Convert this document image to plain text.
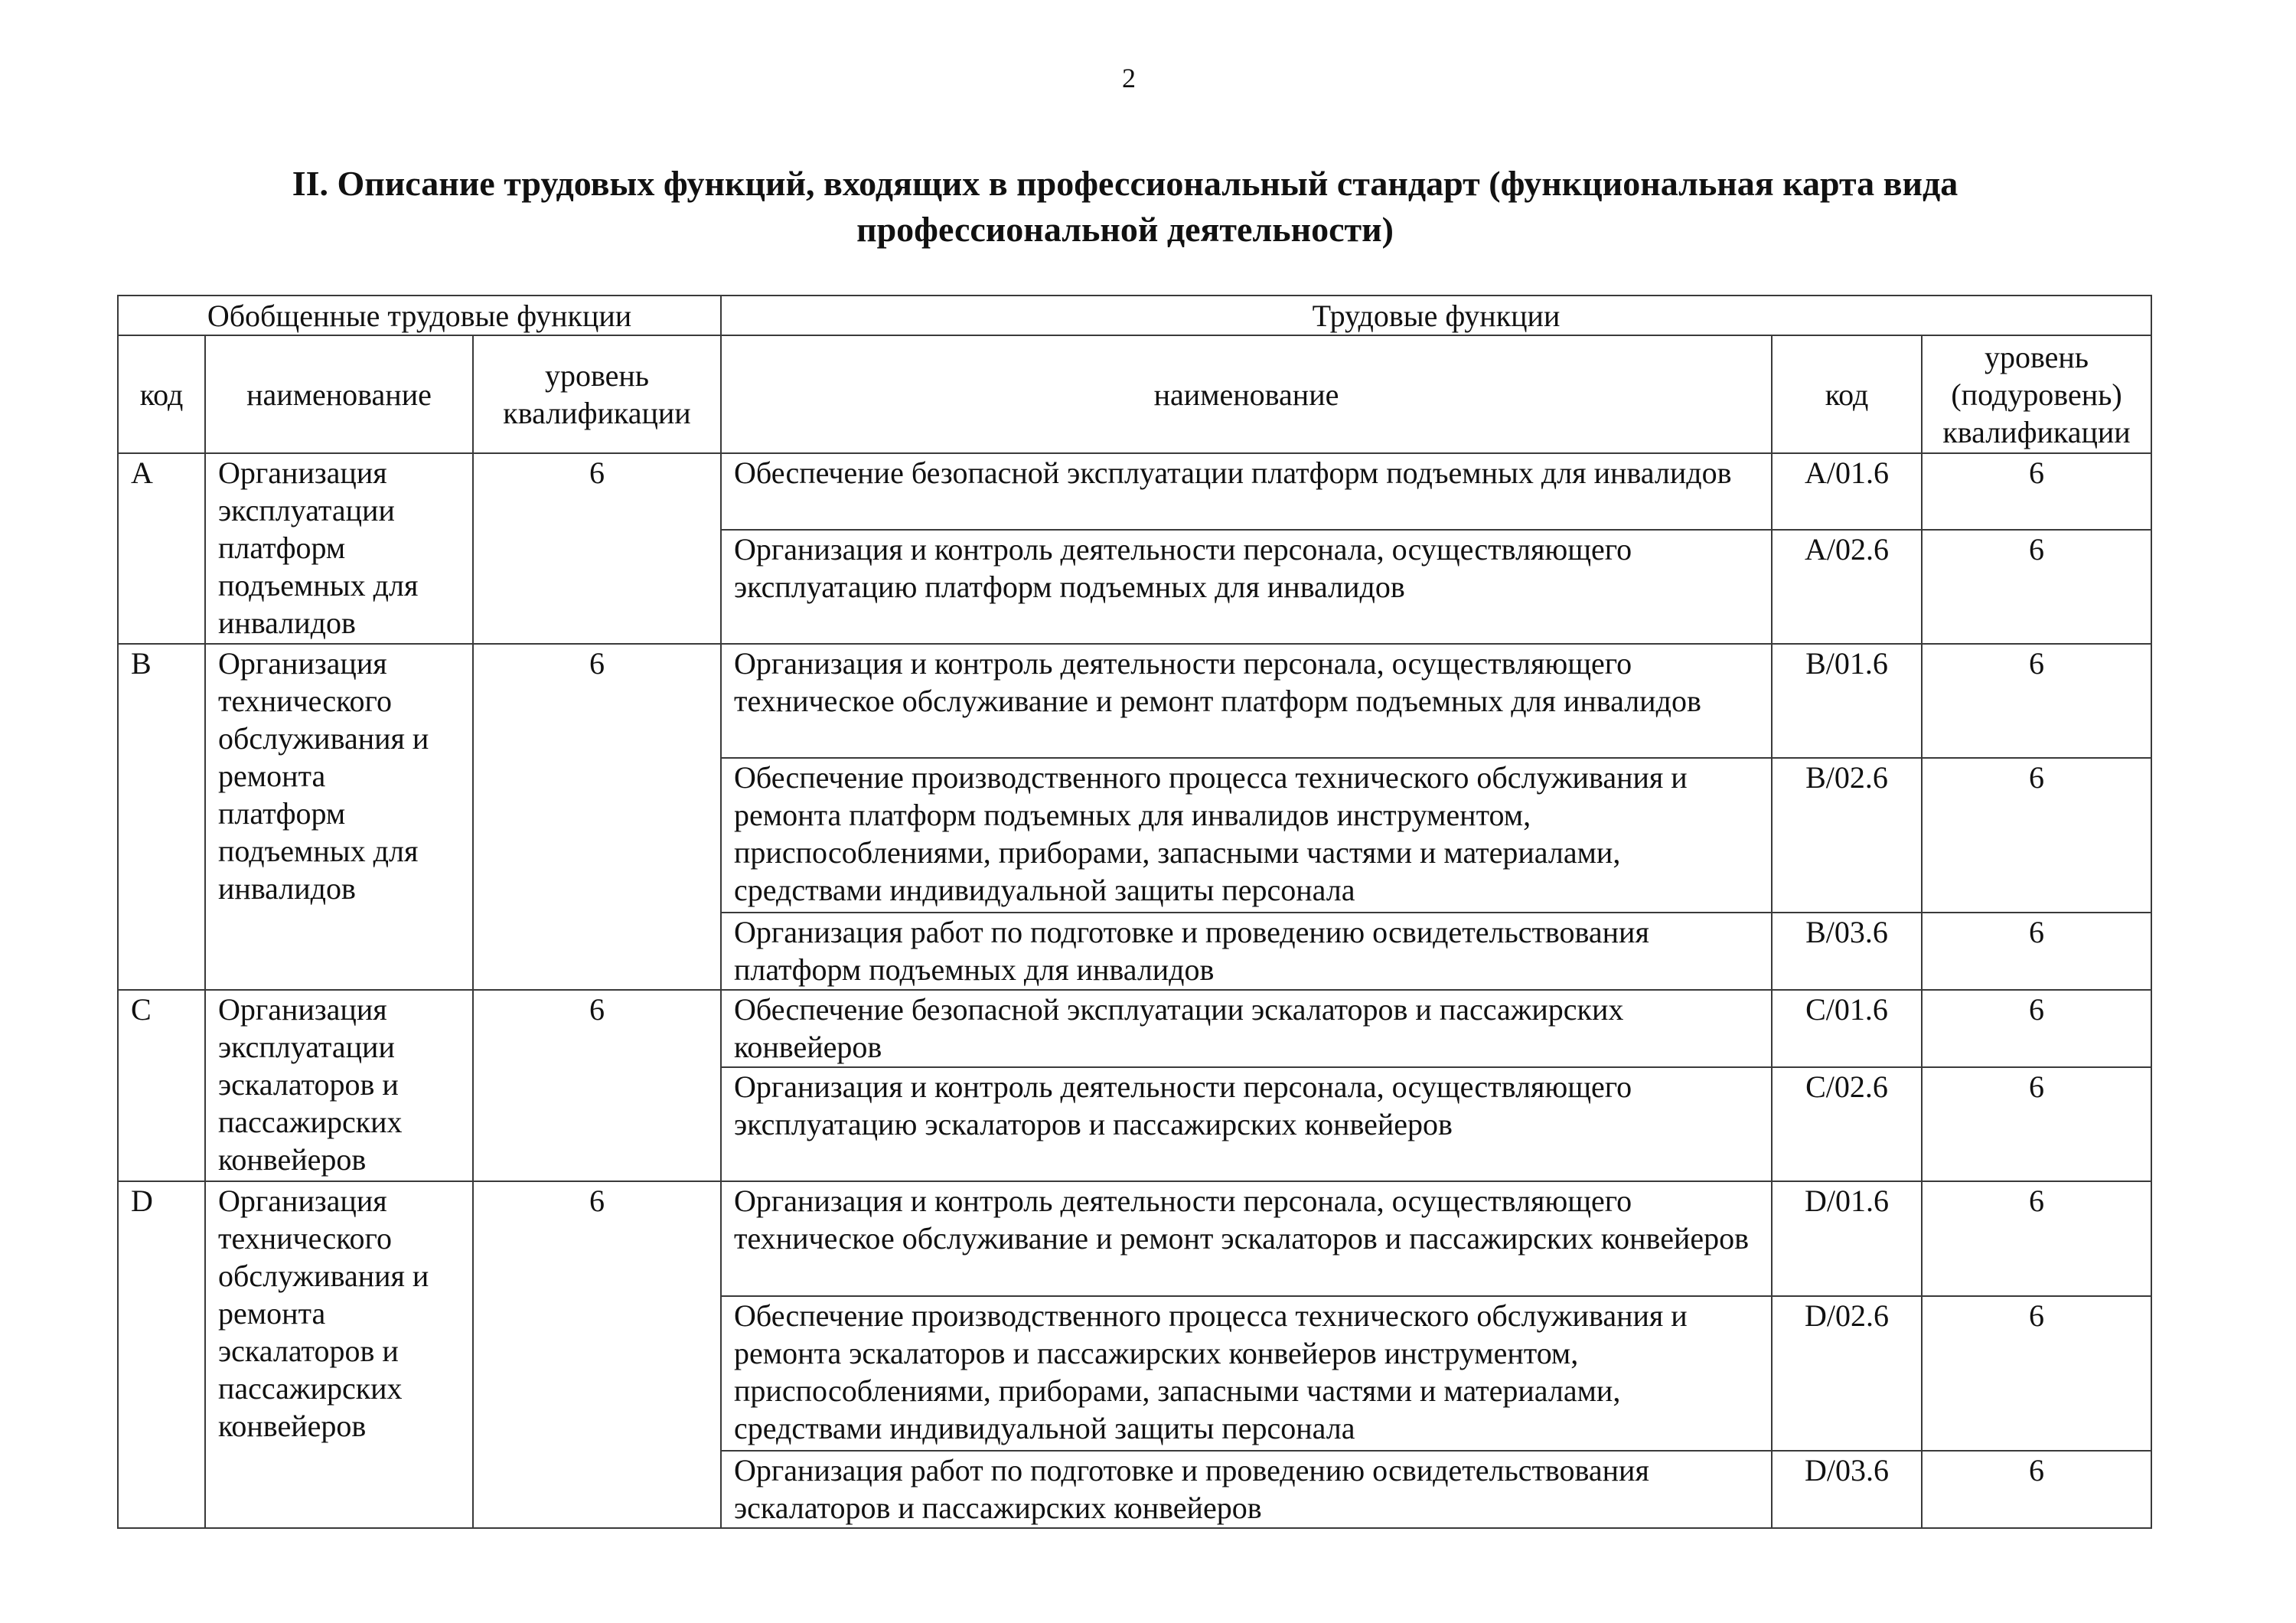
2
II. Описание трудовых функций, входящих в профессиональный стандарт (функциональная карта вида профессиональной деятельности)
Обобщенные трудовые функции			Трудовые функции		
код	наименование	уровень квалификации	наименование	код	уровень (подуровень) квалификации
A	Организация эксплуатации платформ подъемных для инвалидов	6	Обеспечение безопасной эксплуатации платформ подъемных для инвалидов	A/01.6	6
			Организация и контроль деятельности персонала, осуществляющего эксплуатацию платформ подъемных для инвалидов	A/02.6	6
B	Организация технического обслуживания и ремонта платформ подъемных для инвалидов	6	Организация и контроль деятельности персонала, осуществляющего техническое обслуживание и ремонт платформ подъемных для инвалидов	B/01.6	6
			Обеспечение производственного процесса технического обслуживания и ремонта платформ подъемных для инвалидов инструментом, приспособлениями, приборами, запасными частями и материалами, средствами индивидуальной защиты персонала	B/02.6	6
			Организация работ по подготовке и проведению освидетельствования платформ подъемных для инвалидов	B/03.6	6
C	Организация эксплуатации эскалаторов и пассажирских конвейеров	6	Обеспечение безопасной эксплуатации эскалаторов и пассажирских конвейеров	C/01.6	6
			Организация и контроль деятельности персонала, осуществляющего эксплуатацию эскалаторов и пассажирских конвейеров	C/02.6	6
D	Организация технического обслуживания и ремонта эскалаторов и пассажирских конвейеров	6	Организация и контроль деятельности персонала, осуществляющего техническое обслуживание и ремонт эскалаторов и пассажирских конвейеров	D/01.6	6
			Обеспечение производственного процесса технического обслуживания и ремонта эскалаторов и пассажирских конвейеров инструментом, приспособлениями, приборами, запасными частями и материалами, средствами индивидуальной защиты персонала	D/02.6	6
			Организация работ по подготовке и проведению освидетельствования эскалаторов и пассажирских конвейеров	D/03.6	6
